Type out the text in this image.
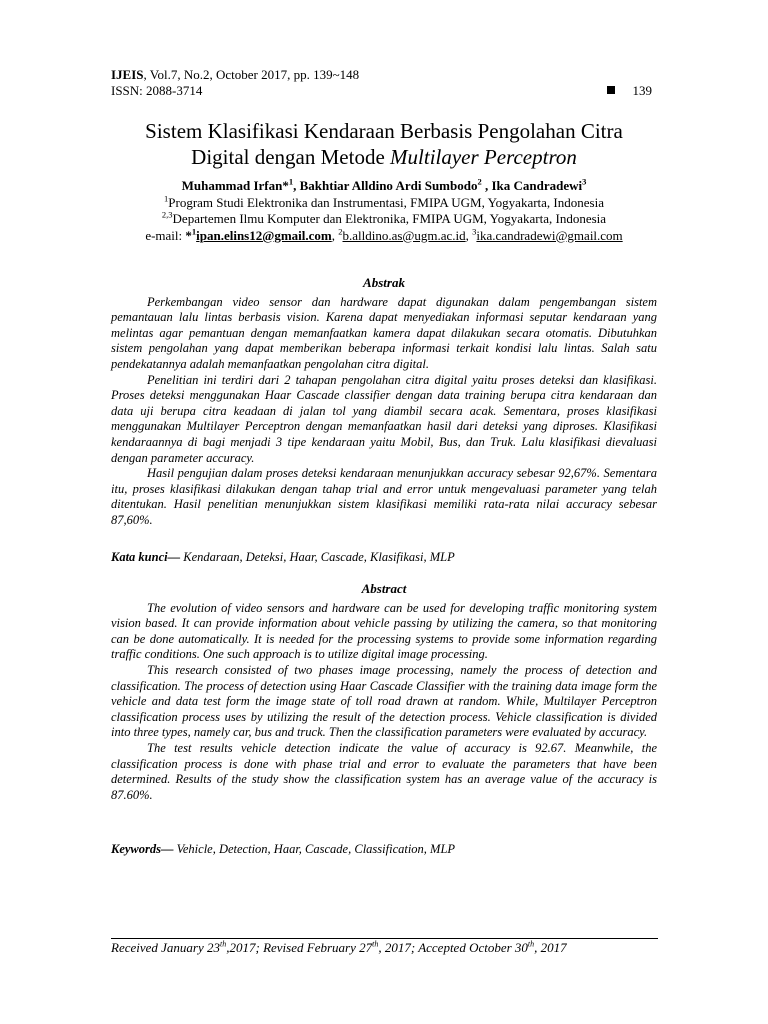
IJEIS, Vol.7, No.2, October 2017, pp. 139~148
ISSN: 2088-3714	139
Sistem Klasifikasi Kendaraan Berbasis Pengolahan Citra
Digital dengan Metode Multilayer Perceptron
Muhammad Irfan*$^1$, Bakhtiar Alldino Ardi Sumbodo$^2$ , Ika Candradewi$^3$
$^1$Program Studi Elektronika dan Instrumentasi, FMIPA UGM, Yogyakarta, Indonesia
$^{2,3}$Departemen Ilmu Komputer dan Elektronika, FMIPA UGM, Yogyakarta, Indonesia
e-mail: *$^1$ipan.elins12@gmail.com, $^2$b.alldino.as@ugm.ac.id, $^3$ika.candradewi@gmail.com
Abstrak

Perkembangan video sensor dan hardware dapat digunakan dalam pengembangan sistem pemantauan lalu lintas berbasis vision. Karena dapat menyediakan informasi seputar kendaraan yang melintas agar pemantuan dengan memanfaatkan kamera dapat dilakukan secara otomatis. Dibutuhkan sistem pengolahan yang dapat memberikan beberapa informasi terkait kondisi lalu lintas. Salah satu pendekatannya adalah memanfaatkan pengolahan citra digital.

Penelitian ini terdiri dari 2 tahapan pengolahan citra digital yaitu proses deteksi dan klasifikasi. Proses deteksi menggunakan Haar Cascade classifier dengan data training berupa citra kendaraan dan data uji berupa citra keadaan di jalan tol yang diambil secara acak. Sementara, proses klasifikasi menggunakan Multilayer Perceptron dengan memanfaatkan hasil dari deteksi yang diproses. Klasifikasi kendaraannya di bagi menjadi 3 tipe kendaraan yaitu Mobil, Bus, dan Truk. Lalu klasifikasi dievaluasi dengan parameter accuracy.

Hasil pengujian dalam proses deteksi kendaraan menunjukkan accuracy sebesar 92,67%. Sementara itu, proses klasifikasi dilakukan dengan tahap trial and error untuk mengevaluasi parameter yang telah ditentukan. Hasil penelitian menunjukkan sistem klasifikasi memiliki rata-rata nilai accuracy sebesar 87,60%.

Kata kunci— Kendaraan, Deteksi, Haar, Cascade, Klasifikasi, MLP
Abstract

The evolution of video sensors and hardware can be used for developing traffic monitoring system vision based. It can provide information about vehicle passing by utilizing the camera, so that monitoring can be done automatically. It is needed for the processing systems to provide some information regarding traffic conditions. One such approach is to utilize digital image processing.

This research consisted of two phases image processing, namely the process of detection and classification. The process of detection using Haar Cascade Classifier with the training data image form the vehicle and data test form the image state of toll road drawn at random. While, Multilayer Perceptron classification process uses by utilizing the result of the detection process. Vehicle classification is divided into three types, namely car, bus and truck. Then the classification parameters were evaluated by accuracy.

The test results vehicle detection indicate the value of accuracy is 92.67. Meanwhile, the classification process is done with phase trial and error to evaluate the parameters that have been determined. Results of the study show the classification system has an average value of the accuracy is 87.60%.

Keywords— Vehicle, Detection, Haar, Cascade, Classification, MLP
Received January 23th,2017; Revised February 27th, 2017; Accepted October 30th, 2017
